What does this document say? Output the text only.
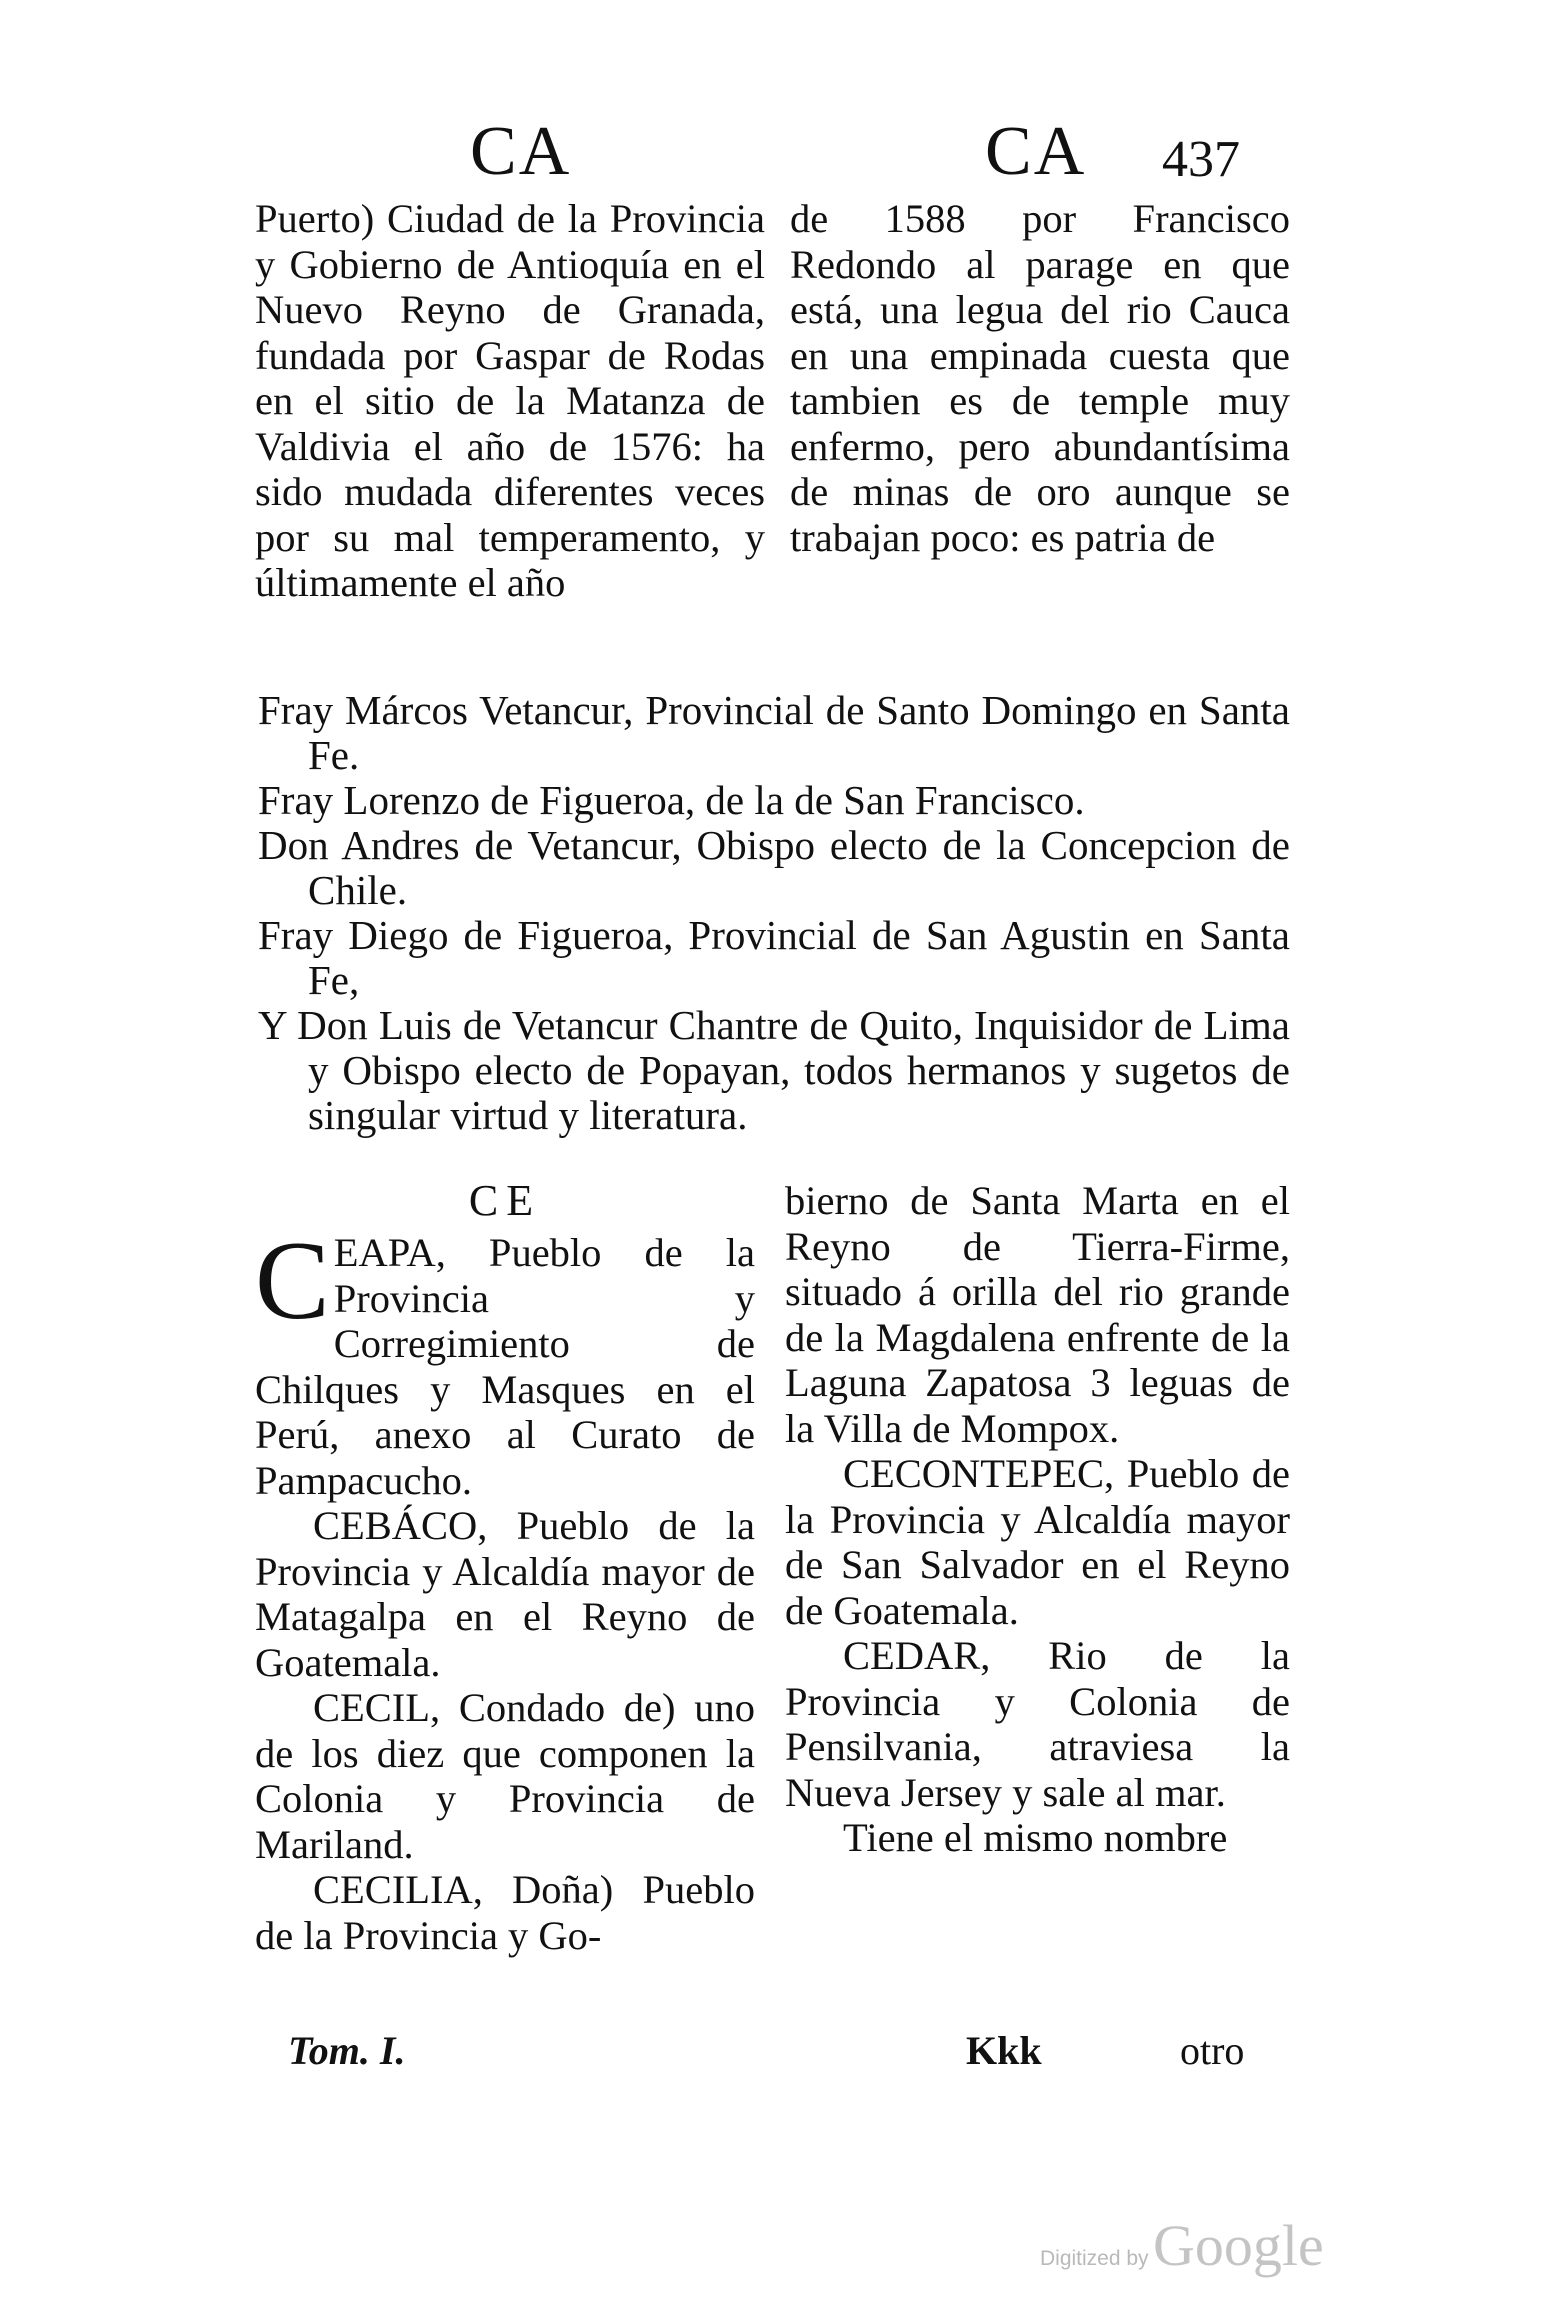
CA	CA 437

Puerto) Ciudad de la Provincia y Gobierno de Antioquía en el Nuevo Reyno de Granada, fundada por Gaspar de Rodas en el sitio de la Matanza de Valdivia el año de 1576: ha sido mudada diferentes veces por su mal temperamento, y últimamente el año

de 1588 por Francisco Redondo al parage en que está, una legua del rio Cauca en una empinada cuesta que tambien es de temple muy enfermo, pero abundantísima de minas de oro aunque se trabajan poco: es patria de

Fray Márcos Vetancur, Provincial de Santo Domingo en Santa Fe.

Fray Lorenzo de Figueroa, de la de San Francisco.

Don Andres de Vetancur, Obispo electo de la Concepcion de Chile.

Fray Diego de Figueroa, Provincial de San Agustin en Santa Fe,

Y Don Luis de Vetancur Chantre de Quito, Inquisidor de Lima y Obispo electo de Popayan, todos hermanos y sugetos de singular virtud y literatura.

CE

CEAPA, Pueblo de la Provincia y Corregimiento de Chilques y Masques en el Perú, anexo al Curato de Pampacucho.

CEBÁCO, Pueblo de la Provincia y Alcaldía mayor de Matagalpa en el Reyno de Goatemala.

CECIL, Condado de) uno de los diez que componen la Colonia y Provincia de Mariland.

CECILIA, Doña) Pueblo de la Provincia y Go-

bierno de Santa Marta en el Reyno de Tierra-Firme, situado á orilla del rio grande de la Magdalena enfrente de la Laguna Zapatosa 3 leguas de la Villa de Mompox.

CECONTEPEC, Pueblo de la Provincia y Alcaldía mayor de San Salvador en el Reyno de Goatemala.

CEDAR, Rio de la Provincia y Colonia de Pensilvania, atraviesa la Nueva Jersey y sale al mar.

Tiene el mismo nombre

Tom. I.	Kkk	otro
Digitized by Google
